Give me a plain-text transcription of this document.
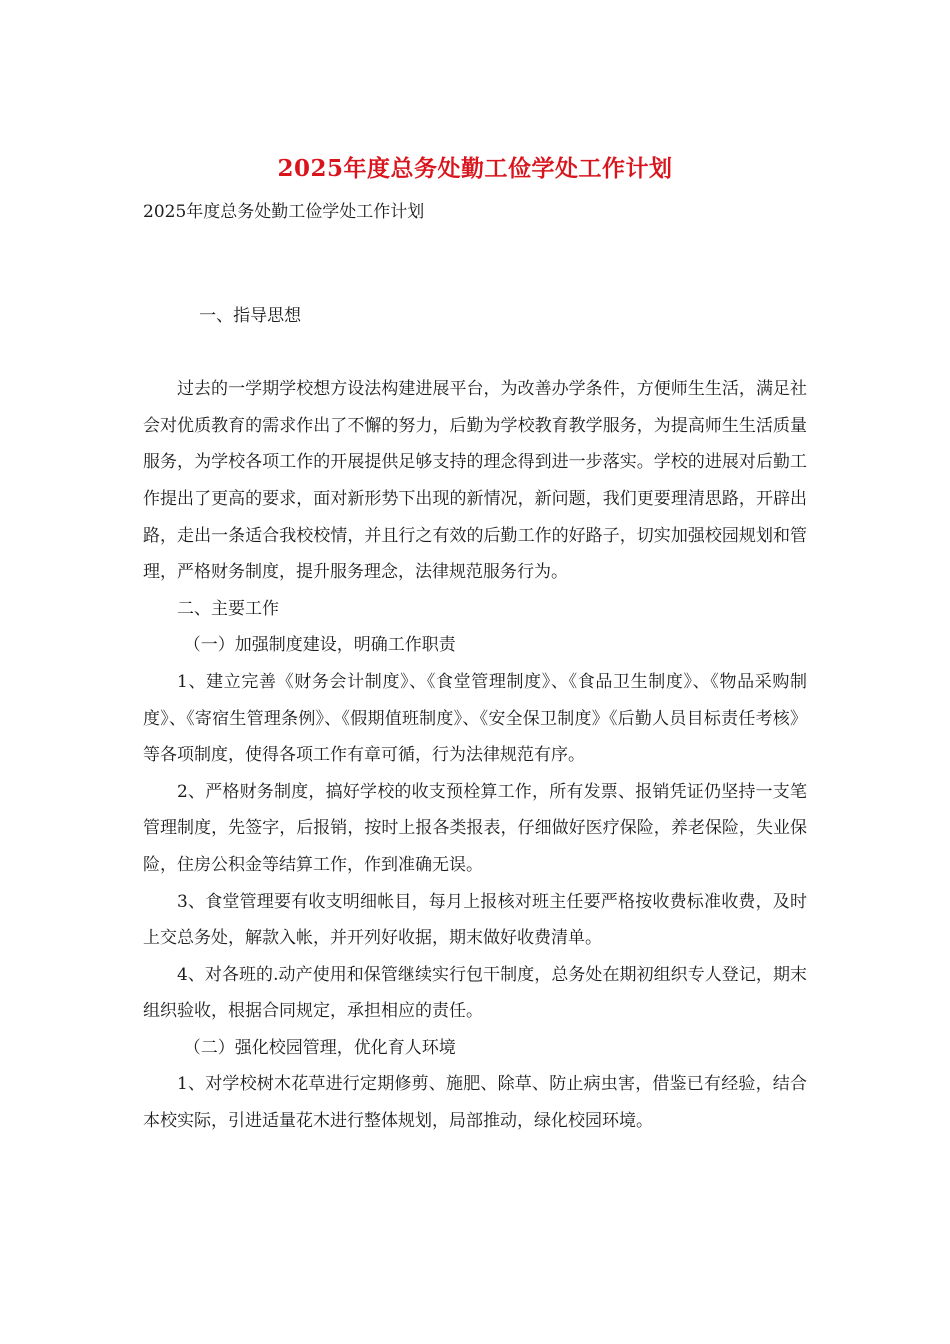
2025年度总务处勤工俭学处工作计划

2025年度总务处勤工俭学处工作计划

一、指导思想

过去的一学期学校想方设法构建进展平台，为改善办学条件，方便师生生活，满足社会对优质教育的需求作出了不懈的努力，后勤为学校教育教学服务，为提高师生生活质量服务，为学校各项工作的开展提供足够支持的理念得到进一步落实。学校的进展对后勤工作提出了更高的要求，面对新形势下出现的新情况，新问题，我们更要理清思路，开辟出路，走出一条适合我校校情，并且行之有效的后勤工作的好路子，切实加强校园规划和管理，严格财务制度，提升服务理念，法律规范服务行为。

二、主要工作

（一）加强制度建设，明确工作职责

1、建立完善《财务会计制度》、《食堂管理制度》、《食品卫生制度》、《物品采购制度》、《寄宿生管理条例》、《假期值班制度》、《安全保卫制度》《后勤人员目标责任考核》等各项制度，使得各项工作有章可循，行为法律规范有序。

2、严格财务制度，搞好学校的收支预栓算工作，所有发票、报销凭证仍坚持一支笔管理制度，先签字，后报销，按时上报各类报表，仔细做好医疗保险，养老保险，失业保险，住房公积金等结算工作，作到准确无误。

3、食堂管理要有收支明细帐目，每月上报核对班主任要严格按收费标准收费，及时上交总务处，解款入帐，并开列好收据，期末做好收费清单。

4、对各班的.动产使用和保管继续实行包干制度，总务处在期初组织专人登记，期末组织验收，根据合同规定，承担相应的责任。

（二）强化校园管理，优化育人环境

1、对学校树木花草进行定期修剪、施肥、除草、防止病虫害，借鉴已有经验，结合本校实际，引进适量花木进行整体规划，局部推动，绿化校园环境。
